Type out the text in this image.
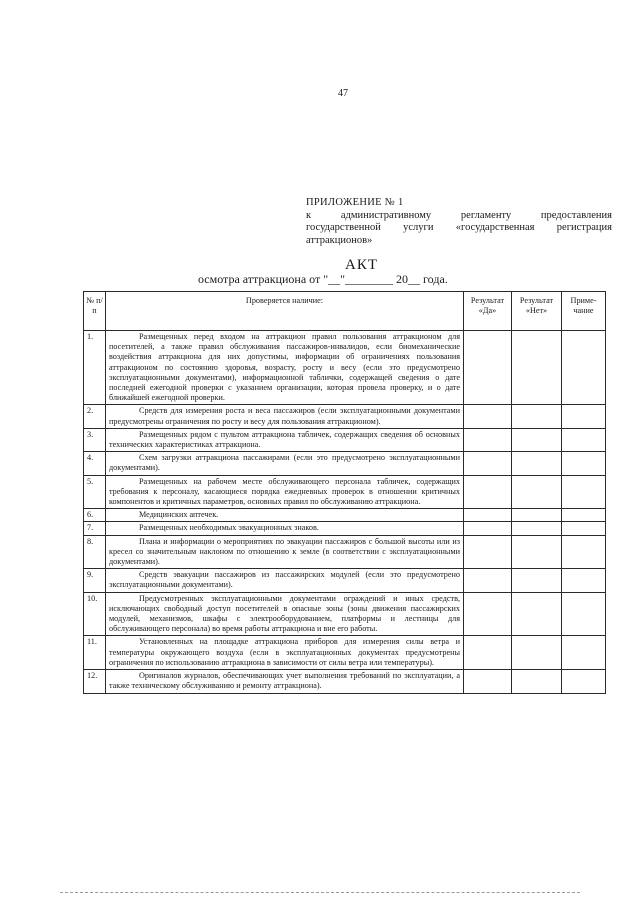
47
ПРИЛОЖЕНИЕ № 1
к административному регламенту предоставления
государственной услуги «государственная регистрация
аттракционов»
АКТ
осмотра аттракциона от "__"________ 20__ года.
№ п/п	Проверяется наличие:	Результат «Да»	Результат «Нет»	Приме-чание
1.	Размещенных перед входом на аттракцион правил пользования аттракционом для посетителей, а также правил обслуживания пассажиров-инвалидов, если биомеханические воздействия аттракциона для них допустимы, информации об ограничениях пользования аттракционом по состоянию здоровья, возрасту, росту и весу (если это предусмотрено эксплуатационными документами), информационной таблички, содержащей сведения о дате последней ежегодной проверки с указанием организации, которая провела проверку, и о дате ближайшей ежегодной проверки.			
2.	Средств для измерения роста и веса пассажиров (если эксплуатационными документами предусмотрены ограничения по росту и весу для пользования аттракционом).			
3.	Размещенных рядом с пультом аттракциона табличек, содержащих сведения об основных технических характеристиках аттракциона.			
4.	Схем загрузки аттракциона пассажирами (если это предусмотрено эксплуатационными документами).			
5.	Размещенных на рабочем месте обслуживающего персонала табличек, содержащих требования к персоналу, касающиеся порядка ежедневных проверок в отношении критичных компонентов и критичных параметров, основных правил по обслуживанию аттракциона.			
6.	Медицинских аптечек.			
7.	Размещенных необходимых эвакуационных знаков.			
8.	Плана и информации о мероприятиях по эвакуации пассажиров с большой высоты или из кресел со значительным наклоном по отношению к земле (в соответствии с эксплуатационными документами).			
9.	Средств эвакуации пассажиров из пассажирских модулей (если это предусмотрено эксплуатационными документами).			
10.	Предусмотренных эксплуатационными документами ограждений и иных средств, исключающих свободный доступ посетителей в опасные зоны (зоны движения пассажирских модулей, механизмов, шкафы с электрооборудованием, платформы и лестницы для обслуживающего персонала) во время работы аттракциона и вне его работы.			
11.	Установленных на площадке аттракциона приборов для измерения силы ветра и температуры окружающего воздуха (если в эксплуатационных документах предусмотрены ограничения по использованию аттракциона в зависимости от силы ветра или температуры).			
12.	Оригиналов журналов, обеспечивающих учет выполнения требований по эксплуатации, а также техническому обслуживанию и ремонту аттракциона).			
